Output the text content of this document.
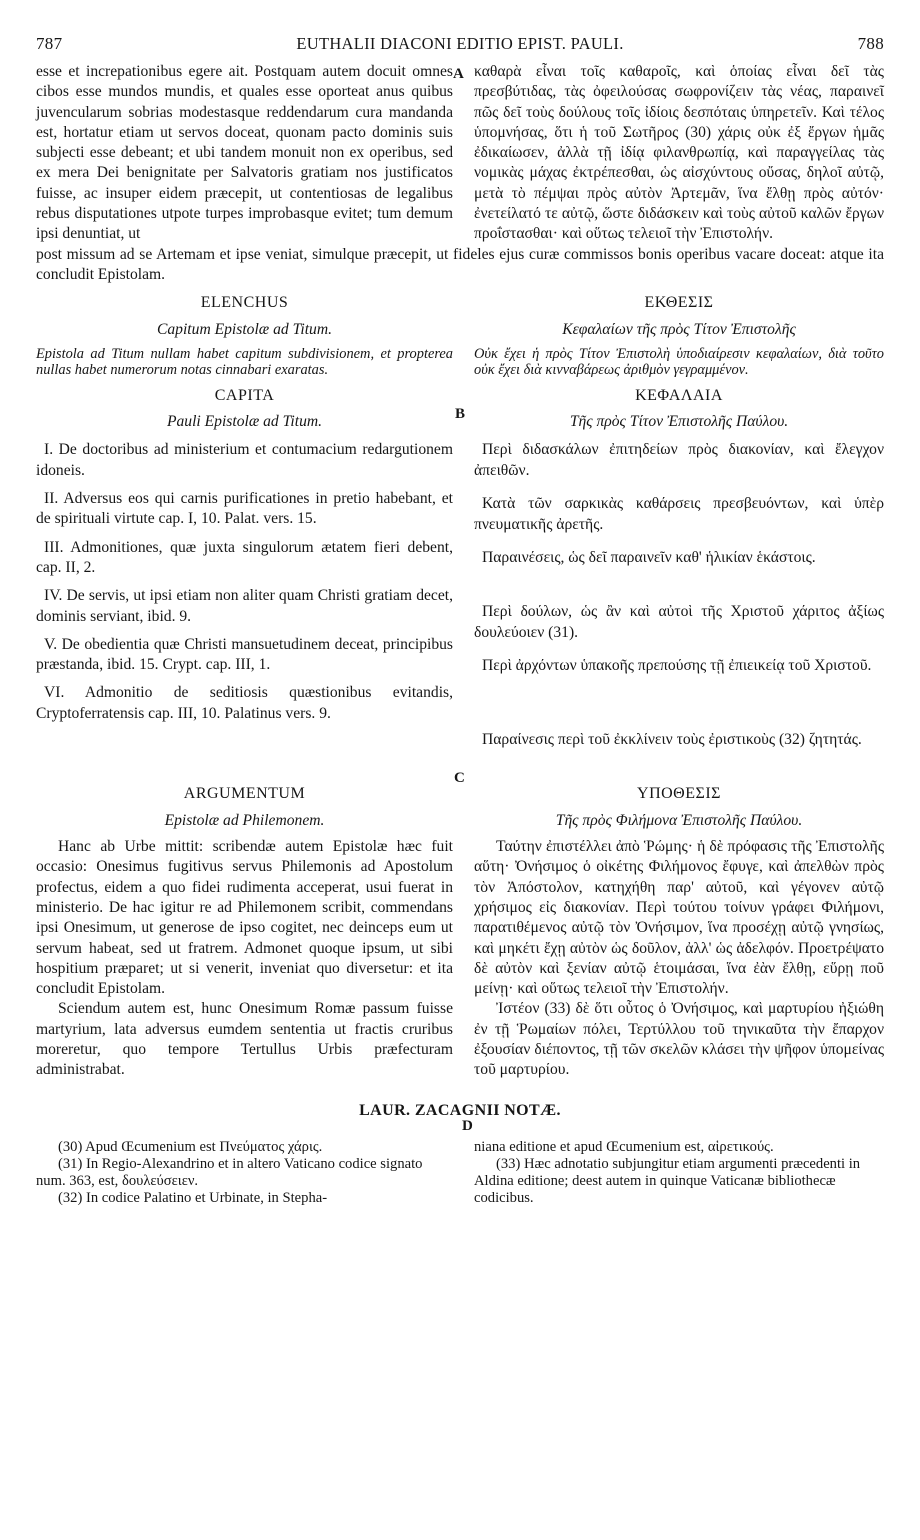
787	EUTHALII DIACONI EDITIO EPIST. PAULI.	788
A
B
C
D

esse et increpationibus egere ait. Postquam autem docuit omnes cibos esse mundos mundis, et quales esse oporteat anus quibus juvencularum sobrias modestasque reddendarum cura mandanda est, hortatur etiam ut servos doceat, quonam pacto dominis suis subjecti esse debeant; et ubi tandem monuit non ex operibus, sed ex mera Dei benignitate per Salvatoris gratiam nos justificatos fuisse, ac insuper eidem præcepit, ut contentiosas de legalibus rebus disputationes utpote turpes improbasque evitet; tum demum ipsi denuntiat, ut

καθαρὰ εἶναι τοῖς καθαροῖς, καὶ ὁποίας εἶναι δεῖ τὰς πρεσβύτιδας, τὰς ὀφειλούσας σωφρονίζειν τὰς νέας, παραινεῖ πῶς δεῖ τοὺς δούλους τοῖς ἰδίοις δεσπόταις ὑπηρετεῖν. Καὶ τέλος ὑπομνήσας, ὅτι ἡ τοῦ Σωτῆρος (30) χάρις οὐκ ἐξ ἔργων ἡμᾶς ἐδικαίωσεν, ἀλλὰ τῇ ἰδίᾳ φιλανθρωπίᾳ, καὶ παραγγείλας τὰς νομικὰς μάχας ἐκτρέπεσθαι, ὡς αἰσχύντους οὔσας, δηλοῖ αὐτῷ, μετὰ τὸ πέμψαι πρὸς αὐτὸν Ἀρτεμᾶν, ἵνα ἔλθῃ πρὸς αὐτόν· ἐνετείλατό τε αὐτῷ, ὥστε διδάσκειν καὶ τοὺς αὐτοῦ καλῶν ἔργων προΐστασθαι· καὶ οὕτως τελειοῖ τὴν Ἐπιστολήν.

post missum ad se Artemam et ipse veniat, simulque præcepit, ut fideles ejus curæ commissos bonis operibus vacare doceat: atque ita concludit Epistolam.

ELENCHUS

Capitum Epistolæ ad Titum.

Epistola ad Titum nullam habet capitum subdivisionem, et propterea nullas habet numerorum notas cinnabari exaratas.

ΕΚΘΕΣΙΣ

Κεφαλαίων τῆς πρὸς Τίτον Ἐπιστολῆς

Οὐκ ἔχει ἡ πρὸς Τίτον Ἐπιστολὴ ὑποδιαίρεσιν κεφαλαίων, διὰ τοῦτο οὐκ ἔχει διὰ κινναβάρεως ἀριθμὸν γεγραμμένον.

CAPITA

Pauli Epistolæ ad Titum.

I. De doctoribus ad ministerium et contumacium redargutionem idoneis.

II. Adversus eos qui carnis purificationes in pretio habebant, et de spirituali virtute cap. I, 10. Palat. vers. 15.

III. Admonitiones, quæ juxta singulorum ætatem fieri debent, cap. II, 2.

IV. De servis, ut ipsi etiam non aliter quam Christi gratiam decet, dominis serviant, ibid. 9.

V. De obedientia quæ Christi mansuetudinem deceat, principibus præstanda, ibid. 15. Crypt. cap. III, 1.

VI. Admonitio de seditiosis quæstionibus evitandis, Cryptoferratensis cap. III, 10. Palatinus vers. 9.

ΚΕΦΑΛΑΙΑ

Τῆς πρὸς Τίτον Ἐπιστολῆς Παύλου.

Περὶ διδασκάλων ἐπιτηδείων πρὸς διακονίαν, καὶ ἔλεγχον ἀπειθῶν.

Κατὰ τῶν σαρκικὰς καθάρσεις πρεσβευόντων, καὶ ὑπὲρ πνευματικῆς ἀρετῆς.

Παραινέσεις, ὡς δεῖ παραινεῖν καθ' ἡλικίαν ἑκάστοις.

Περὶ δούλων, ὡς ἂν καὶ αὐτοὶ τῆς Χριστοῦ χάριτος ἀξίως δουλεύοιεν (31).

Περὶ ἀρχόντων ὑπακοῆς πρεπούσης τῇ ἐπιεικείᾳ τοῦ Χριστοῦ.

Παραίνεσις περὶ τοῦ ἐκκλίνειν τοὺς ἐριστικοὺς (32) ζητητάς.

ARGUMENTUM

Epistolæ ad Philemonem.

Hanc ab Urbe mittit: scribendæ autem Epistolæ hæc fuit occasio: Onesimus fugitivus servus Philemonis ad Apostolum profectus, eidem a quo fidei rudimenta acceperat, usui fuerat in ministerio. De hac igitur re ad Philemonem scribit, commendans ipsi Onesimum, ut generose de ipso cogitet, nec deinceps eum ut servum habeat, sed ut fratrem. Admonet quoque ipsum, ut sibi hospitium præparet; ut si venerit, inveniat quo diversetur: et ita concludit Epistolam.

Sciendum autem est, hunc Onesimum Romæ passum fuisse martyrium, lata adversus eumdem sententia ut fractis cruribus moreretur, quo tempore Tertullus Urbis præfecturam administrabat.

ΥΠΟΘΕΣΙΣ

Τῆς πρὸς Φιλήμονα Ἐπιστολῆς Παύλου.

Ταύτην ἐπιστέλλει ἀπὸ Ῥώμης· ἡ δὲ πρόφασις τῆς Ἐπιστολῆς αὕτη· Ὀνήσιμος ὁ οἰκέτης Φιλήμονος ἔφυγε, καὶ ἀπελθὼν πρὸς τὸν Ἀπόστολον, κατηχήθη παρ' αὐτοῦ, καὶ γέγονεν αὐτῷ χρήσιμος εἰς διακονίαν. Περὶ τούτου τοίνυν γράφει Φιλήμονι, παρατιθέμενος αὐτῷ τὸν Ὀνήσιμον, ἵνα προσέχῃ αὐτῷ γνησίως, καὶ μηκέτι ἔχῃ αὐτὸν ὡς δοῦλον, ἀλλ' ὡς ἀδελφόν. Προετρέψατο δὲ αὐτὸν καὶ ξενίαν αὐτῷ ἑτοιμάσαι, ἵνα ἐὰν ἔλθῃ, εὕρῃ ποῦ μείνῃ· καὶ οὕτως τελειοῖ τὴν Ἐπιστολήν.

Ἰστέον (33) δὲ ὅτι οὗτος ὁ Ὀνήσιμος, καὶ μαρτυρίου ἠξιώθη ἐν τῇ Ῥωμαίων πόλει, Τερτύλλου τοῦ τηνικαῦτα τὴν ἔπαρχον ἐξουσίαν διέποντος, τῇ τῶν σκελῶν κλάσει τὴν ψῆφον ὑπομείνας τοῦ μαρτυρίου.

LAUR. ZACAGNII NOTÆ.

(30) Apud Œcumenium est Πνεύματος χάρις.

(31) In Regio-Alexandrino et in altero Vaticano codice signato num. 363, est, δουλεύσειεν.

(32) In codice Palatino et Urbinate, in Stepha-

niana editione et apud Œcumenium est, αἱρετικούς.

(33) Hæc adnotatio subjungitur etiam argumenti præcedenti in Aldina editione; deest autem in quinque Vaticanæ bibliothecæ codicibus.
